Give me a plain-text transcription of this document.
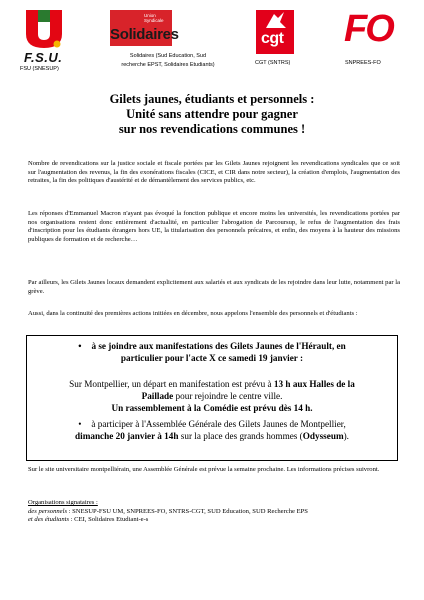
F.S.U.
FSU (SNESUP)
Union
Syndicale
Solidaires
Solidaires (Sud Education, Sud
recherche EPST, Solidaires Etudiants)
cgt
CGT (SNTRS)
FO
SNPREES-FO
Gilets jaunes, étudiants et personnels :
Unité sans attendre pour gagner
sur nos revendications communes !
Nombre de revendications sur la justice sociale et fiscale portées par les Gilets Jaunes rejoignent les revendications syndicales que ce soit sur l'augmentation des revenus, la fin des exonérations fiscales (CICE, et CIR dans notre secteur), la création d'emplois, l'augmentation des retraites, la fin des politiques d'austérité et de démantèlement des services publics, etc.
Les réponses d'Emmanuel Macron n'ayant pas évoqué la fonction publique et encore moins les universités, les revendications portées par nos organisations restent donc entièrement d'actualité, en particulier l'abrogation de Parcoursup, le refus de l'augmentation des frais d'inscription pour les étudiants étrangers hors UE, la titularisation des personnels précaires, et enfin, des moyens à la hauteur des missions publiques de formation et de recherche…
Par ailleurs, les Gilets Jaunes locaux demandent explicitement aux salariés et aux syndicats de les rejoindre dans leur lutte, notamment par la grève.
Aussi, dans la continuité des premières actions initiées en décembre, nous appelons l'ensemble des personnels et d'étudiants :
• à se joindre aux manifestations des Gilets Jaunes de l'Hérault, en
particulier pour l'acte X ce samedi 19 janvier :
Sur Montpellier, un départ en manifestation est prévu à 13 h aux Halles de la
Paillade pour rejoindre le centre ville.
Un rassemblement à la Comédie est prévu dès 14 h.
• à participer à l'Assemblée Générale des Gilets Jaunes de Montpellier,
dimanche 20 janvier à 14h sur la place des grands hommes (Odysseum).
Sur le site universitaire montpelliérain, une Assemblée Générale est prévue la semaine prochaine. Les informations précises suivront.
Organisations signataires :
des personnels : SNESUP-FSU UM, SNPREES-FO, SNTRS-CGT, SUD Education, SUD Recherche EPS
et des étudiants : CEI, Solidaires Etudiant-e-s
